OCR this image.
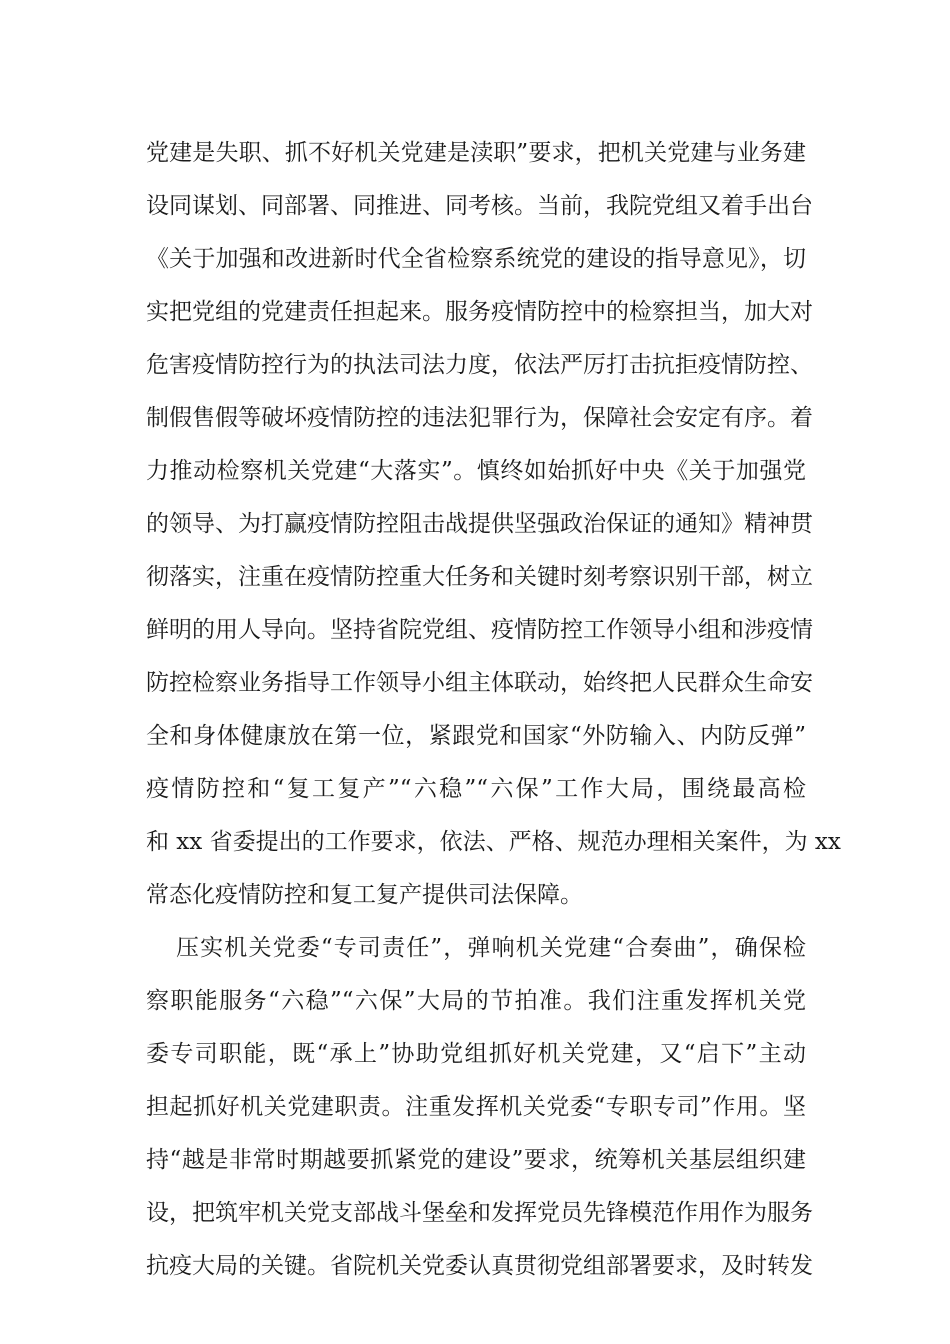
党建是失职、抓不好机关党建是渎职”要求，把机关党建与业务建
设同谋划、同部署、同推进、同考核。当前，我院党组又着手出台
《关于加强和改进新时代全省检察系统党的建设的指导意见》，切
实把党组的党建责任担起来。服务疫情防控中的检察担当，加大对
危害疫情防控行为的执法司法力度，依法严厉打击抗拒疫情防控、
制假售假等破坏疫情防控的违法犯罪行为，保障社会安定有序。着
力推动检察机关党建“大落实”。慎终如始抓好中央《关于加强党
的领导、为打赢疫情防控阻击战提供坚强政治保证的通知》精神贯
彻落实，注重在疫情防控重大任务和关键时刻考察识别干部，树立
鲜明的用人导向。坚持省院党组、疫情防控工作领导小组和涉疫情
防控检察业务指导工作领导小组主体联动，始终把人民群众生命安
全和身体健康放在第一位，紧跟党和国家“外防输入、内防反弹”
疫情防控和“复工复产”“六稳”“六保”工作大局，围绕最高检
和 xx 省委提出的工作要求，依法、严格、规范办理相关案件，为 xx
常态化疫情防控和复工复产提供司法保障。
压实机关党委“专司责任”，弹响机关党建“合奏曲”，确保检
察职能服务“六稳”“六保”大局的节拍准。我们注重发挥机关党
委专司职能，既“承上”协助党组抓好机关党建，又“启下”主动
担起抓好机关党建职责。注重发挥机关党委“专职专司”作用。坚
持“越是非常时期越要抓紧党的建设”要求，统筹机关基层组织建
设，把筑牢机关党支部战斗堡垒和发挥党员先锋模范作用作为服务
抗疫大局的关键。省院机关党委认真贯彻党组部署要求，及时转发
